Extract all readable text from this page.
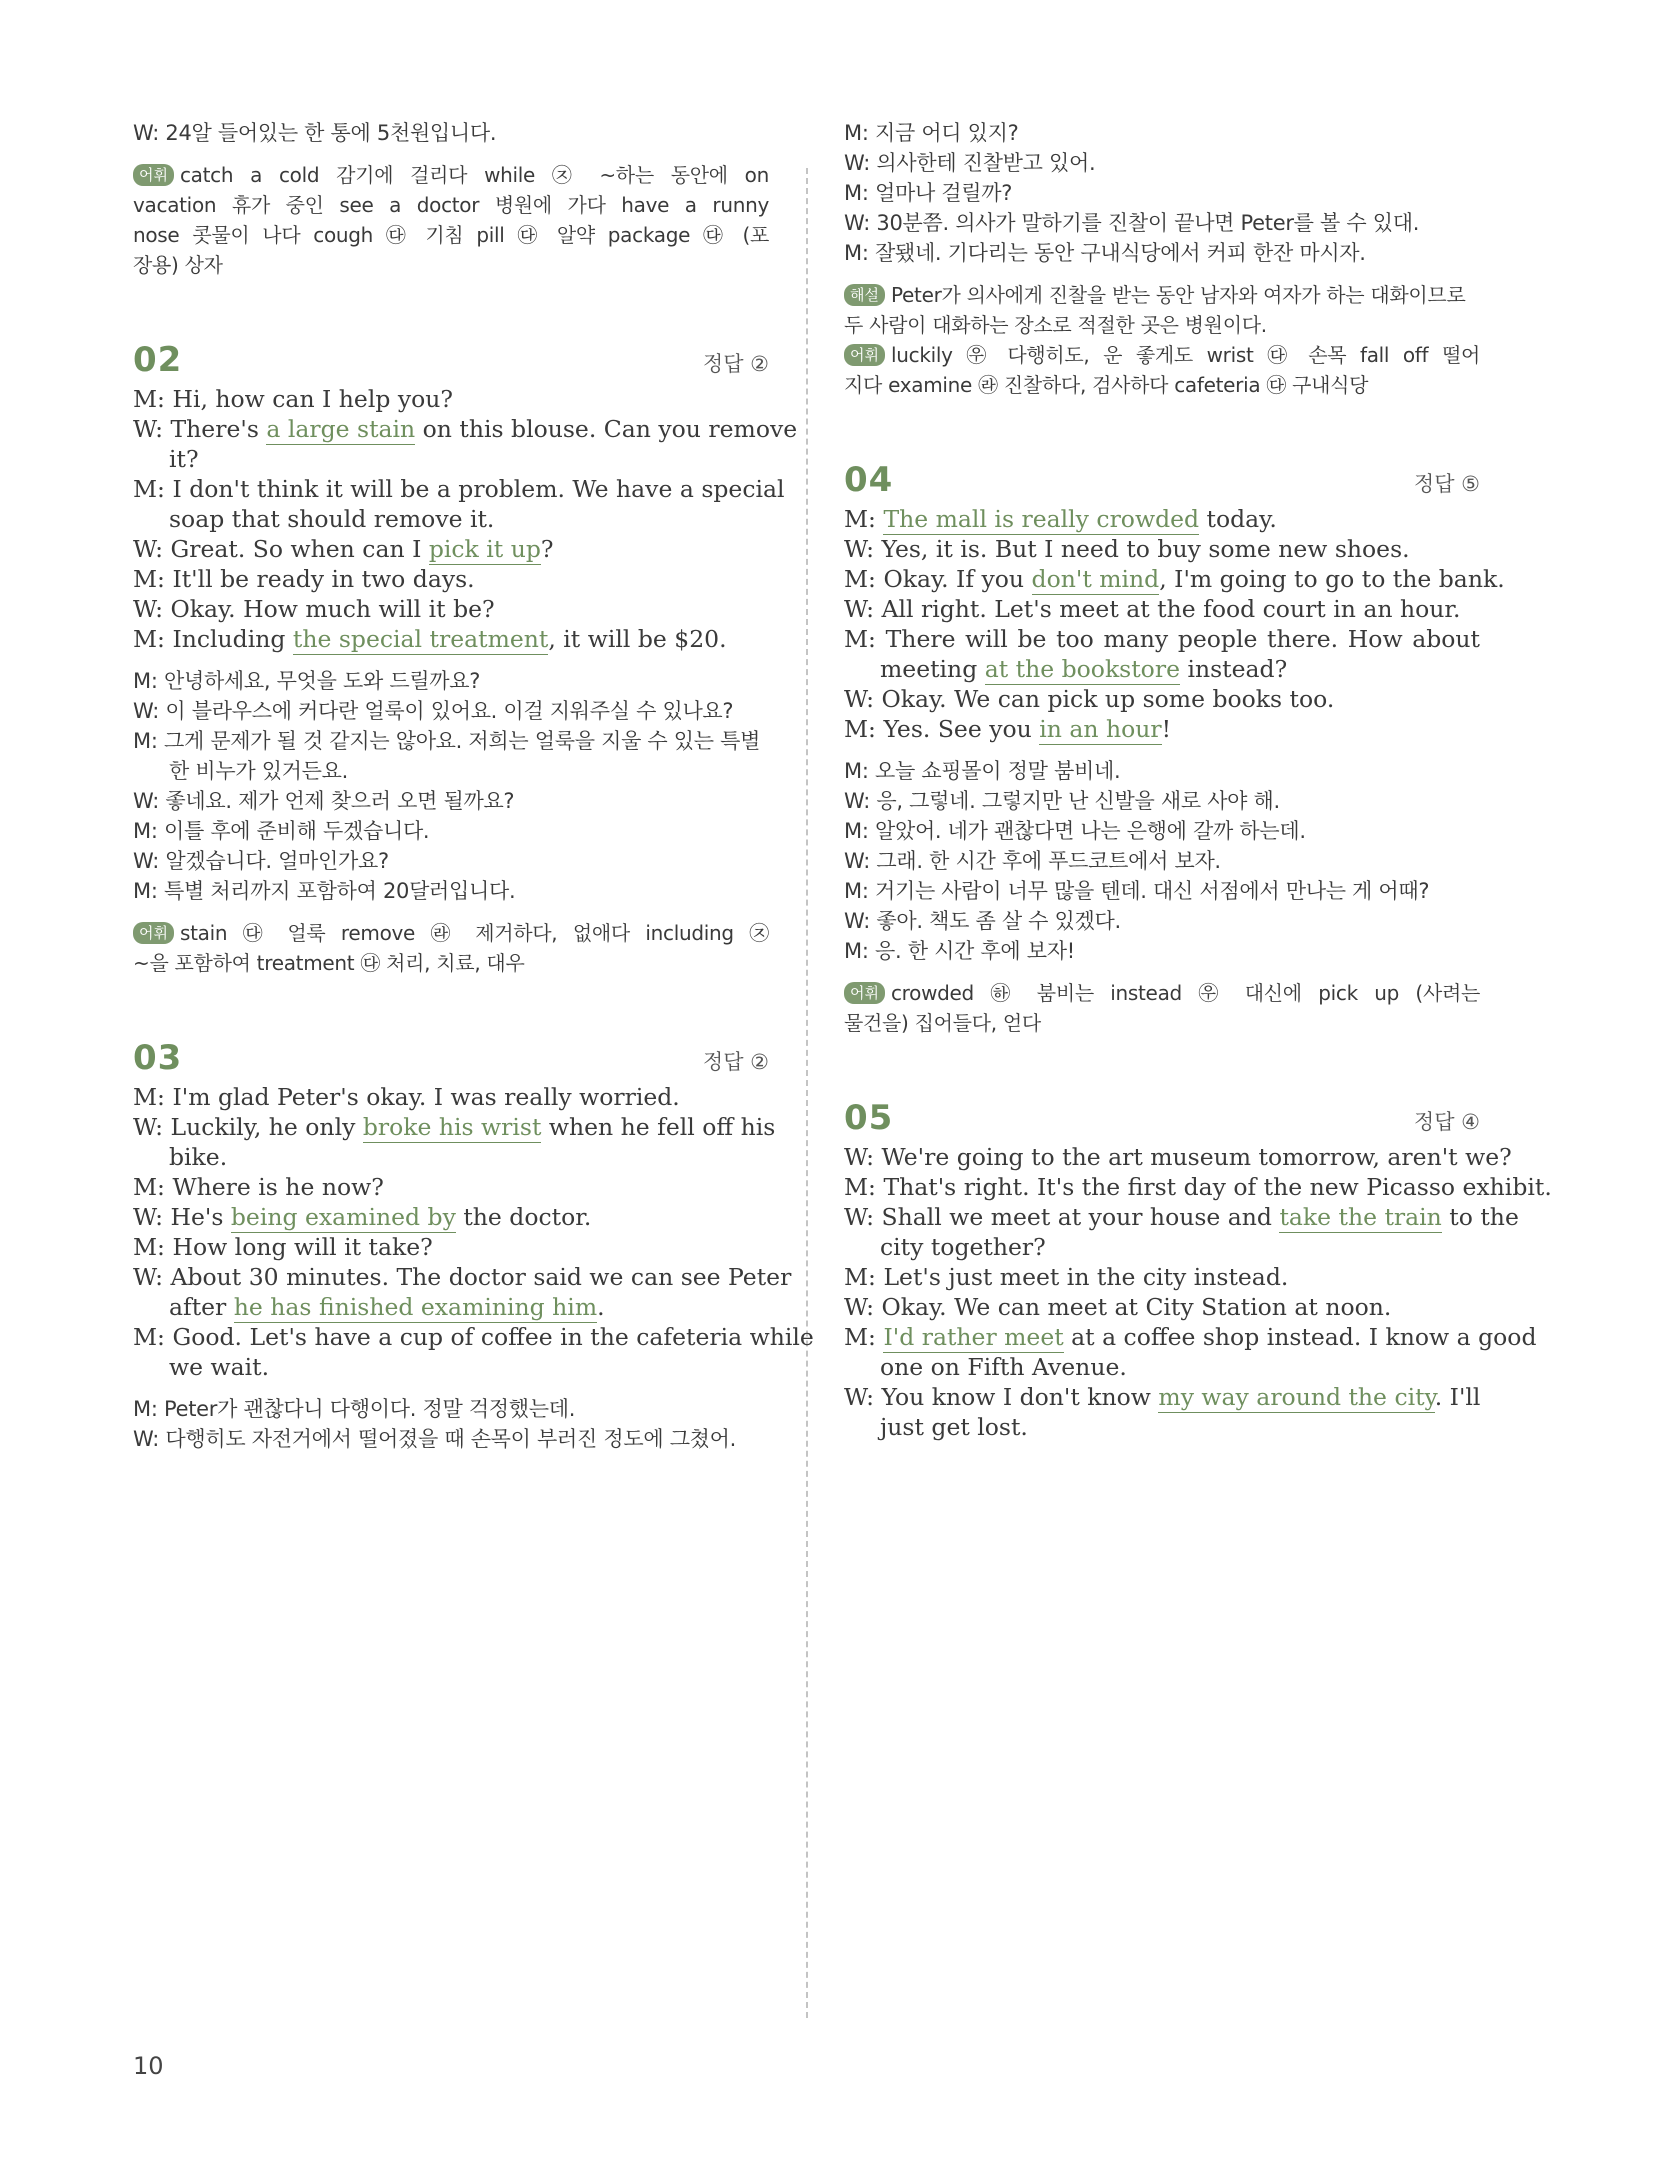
W: 24알 들어있는 한 통에 5천원입니다.
어휘 catch a cold 감기에 걸리다 while ㉨ ~하는 동안에 on
vacation 휴가 중인 see a doctor 병원에 가다 have a runny
nose 콧물이 나다 cough ㉰ 기침 pill ㉰ 알약 package ㉰ (포
장용) 상자
02	정답 ②
M: Hi, how can I help you?
W: There's a large stain on this blouse. Can you remove
it?
M: I don't think it will be a problem. We have a special
soap that should remove it.
W: Great. So when can I pick it up?
M: It'll be ready in two days.
W: Okay. How much will it be?
M: Including the special treatment, it will be $20.
M: 안녕하세요, 무엇을 도와 드릴까요?
W: 이 블라우스에 커다란 얼룩이 있어요. 이걸 지워주실 수 있나요?
M: 그게 문제가 될 것 같지는 않아요. 저희는 얼룩을 지울 수 있는 특별
한 비누가 있거든요.
W: 좋네요. 제가 언제 찾으러 오면 될까요?
M: 이틀 후에 준비해 두겠습니다.
W: 알겠습니다. 얼마인가요?
M: 특별 처리까지 포함하여 20달러입니다.
어휘 stain ㉰ 얼룩 remove ㉱ 제거하다, 없애다 including ㉨
~을 포함하여 treatment ㉰ 처리, 치료, 대우
03	정답 ②
M: I'm glad Peter's okay. I was really worried.
W: Luckily, he only broke his wrist when he fell off his
bike.
M: Where is he now?
W: He's being examined by the doctor.
M: How long will it take?
W: About 30 minutes. The doctor said we can see Peter
after he has finished examining him.
M: Good. Let's have a cup of coffee in the cafeteria while
we wait.
M: Peter가 괜찮다니 다행이다. 정말 걱정했는데.
W: 다행히도 자전거에서 떨어졌을 때 손목이 부러진 정도에 그쳤어.
M: 지금 어디 있지?
W: 의사한테 진찰받고 있어.
M: 얼마나 걸릴까?
W: 30분쯤. 의사가 말하기를 진찰이 끝나면 Peter를 볼 수 있대.
M: 잘됐네. 기다리는 동안 구내식당에서 커피 한잔 마시자.
해설 Peter가 의사에게 진찰을 받는 동안 남자와 여자가 하는 대화이므로
두 사람이 대화하는 장소로 적절한 곳은 병원이다.
어휘 luckily ㉾ 다행히도, 운 좋게도 wrist ㉰ 손목 fall off 떨어
지다 examine ㉱ 진찰하다, 검사하다 cafeteria ㉰ 구내식당
04	정답 ⑤
M: The mall is really crowded today.
W: Yes, it is. But I need to buy some new shoes.
M: Okay. If you don't mind, I'm going to go to the bank.
W: All right. Let's meet at the food court in an hour.
M: There will be too many people there. How about
meeting at the bookstore instead?
W: Okay. We can pick up some books too.
M: Yes. See you in an hour!
M: 오늘 쇼핑몰이 정말 붐비네.
W: 응, 그렇네. 그렇지만 난 신발을 새로 사야 해.
M: 알았어. 네가 괜찮다면 나는 은행에 갈까 하는데.
W: 그래. 한 시간 후에 푸드코트에서 보자.
M: 거기는 사람이 너무 많을 텐데. 대신 서점에서 만나는 게 어때?
W: 좋아. 책도 좀 살 수 있겠다.
M: 응. 한 시간 후에 보자!
어휘 crowded ㉻ 붐비는 instead ㉾ 대신에 pick up (사려는
물건을) 집어들다, 얻다
05	정답 ④
W: We're going to the art museum tomorrow, aren't we?
M: That's right. It's the first day of the new Picasso exhibit.
W: Shall we meet at your house and take the train to the
city together?
M: Let's just meet in the city instead.
W: Okay. We can meet at City Station at noon.
M: I'd rather meet at a coffee shop instead. I know a good
one on Fifth Avenue.
W: You know I don't know my way around the city. I'll
just get lost.
10
